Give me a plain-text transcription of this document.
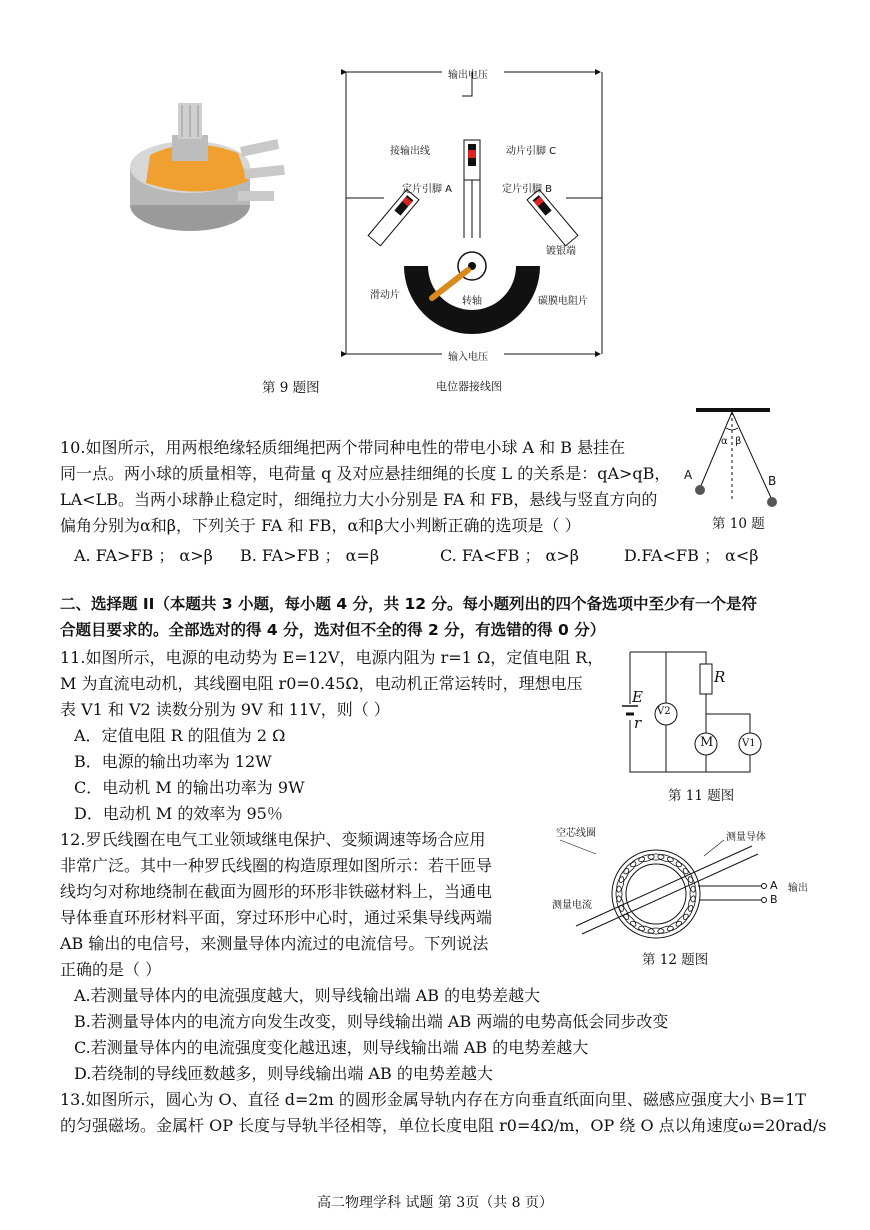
输出电压
接输出线	动片引脚 C
定片引脚 A	定片引脚 B
镀银端
滑动片
转轴	碳膜电阻片
输入电压
第 9 题图	电位器接线图
10.如图所示，用两根绝缘轻质细绳把两个带同种电性的带电小球 A 和 B 悬挂在
同一点。两小球的质量相等，电荷量 q 及对应悬挂细绳的长度 L 的关系是：qA>qB，
LA<LB。当两小球静止稳定时，细绳拉力大小分别是 FA 和 FB，悬线与竖直方向的
偏角分别为α和β，下列关于 FA 和 FB，α和β大小判断正确的选项是（ ）
A. FA>FB ； α>β B. FA>FB ； α=β	C. FA<FB ； α>β	D.FA<FB ； α<β
α β
A	B
第 10 题
二、选择题 II（本题共 3 小题，每小题 4 分，共 12 分。每小题列出的四个备选项中至少有一个是符
合题目要求的。全部选对的得 4 分，选对但不全的得 2 分，有选错的得 0 分）
11.如图所示，电源的电动势为 E=12V，电源内阻为 r=1 Ω，定值电阻 R，
M 为直流电动机，其线圈电阻 r0=0.45Ω，电动机正常运转时，理想电压
表 V1 和 V2 读数分别为 9V 和 11V，则（ ）
A．定值电阻 R 的阻值为 2 Ω
B．电源的输出功率为 12W
C．电动机 M 的输出功率为 9W
D．电动机 M 的效率为 95％
E
r
R
V2
M	V1
第 11 题图
12.罗氏线圈在电气工业领域继电保护、变频调速等场合应用
非常广泛。其中一种罗氏线圈的构造原理如图所示：若干匝导
线均匀对称地绕制在截面为圆形的环形非铁磁材料上，当通电
导体垂直环形材料平面，穿过环形中心时，通过采集导线两端
AB 输出的电信号，来测量导体内流过的电流信号。下列说法
正确的是（ ）
A.若测量导体内的电流强度越大，则导线输出端 AB 的电势差越大
B.若测量导体内的电流方向发生改变，则导线输出端 AB 两端的电势高低会同步改变
C.若测量导体内的电流强度变化越迅速，则导线输出端 AB 的电势差越大
D.若绕制的导线匝数越多，则导线输出端 AB 的电势差越大
空芯线圈	测量导体
测量电流
A 输出
B
第 12 题图
13.如图所示，圆心为 O、直径 d=2m 的圆形金属导轨内存在方向垂直纸面向里、磁感应强度大小 B=1T
的匀强磁场。金属杆 OP 长度与导轨半径相等，单位长度电阻 r0=4Ω/m，OP 绕 O 点以角速度ω=20rad/s
高二物理学科 试题 第 3页（共 8 页）
